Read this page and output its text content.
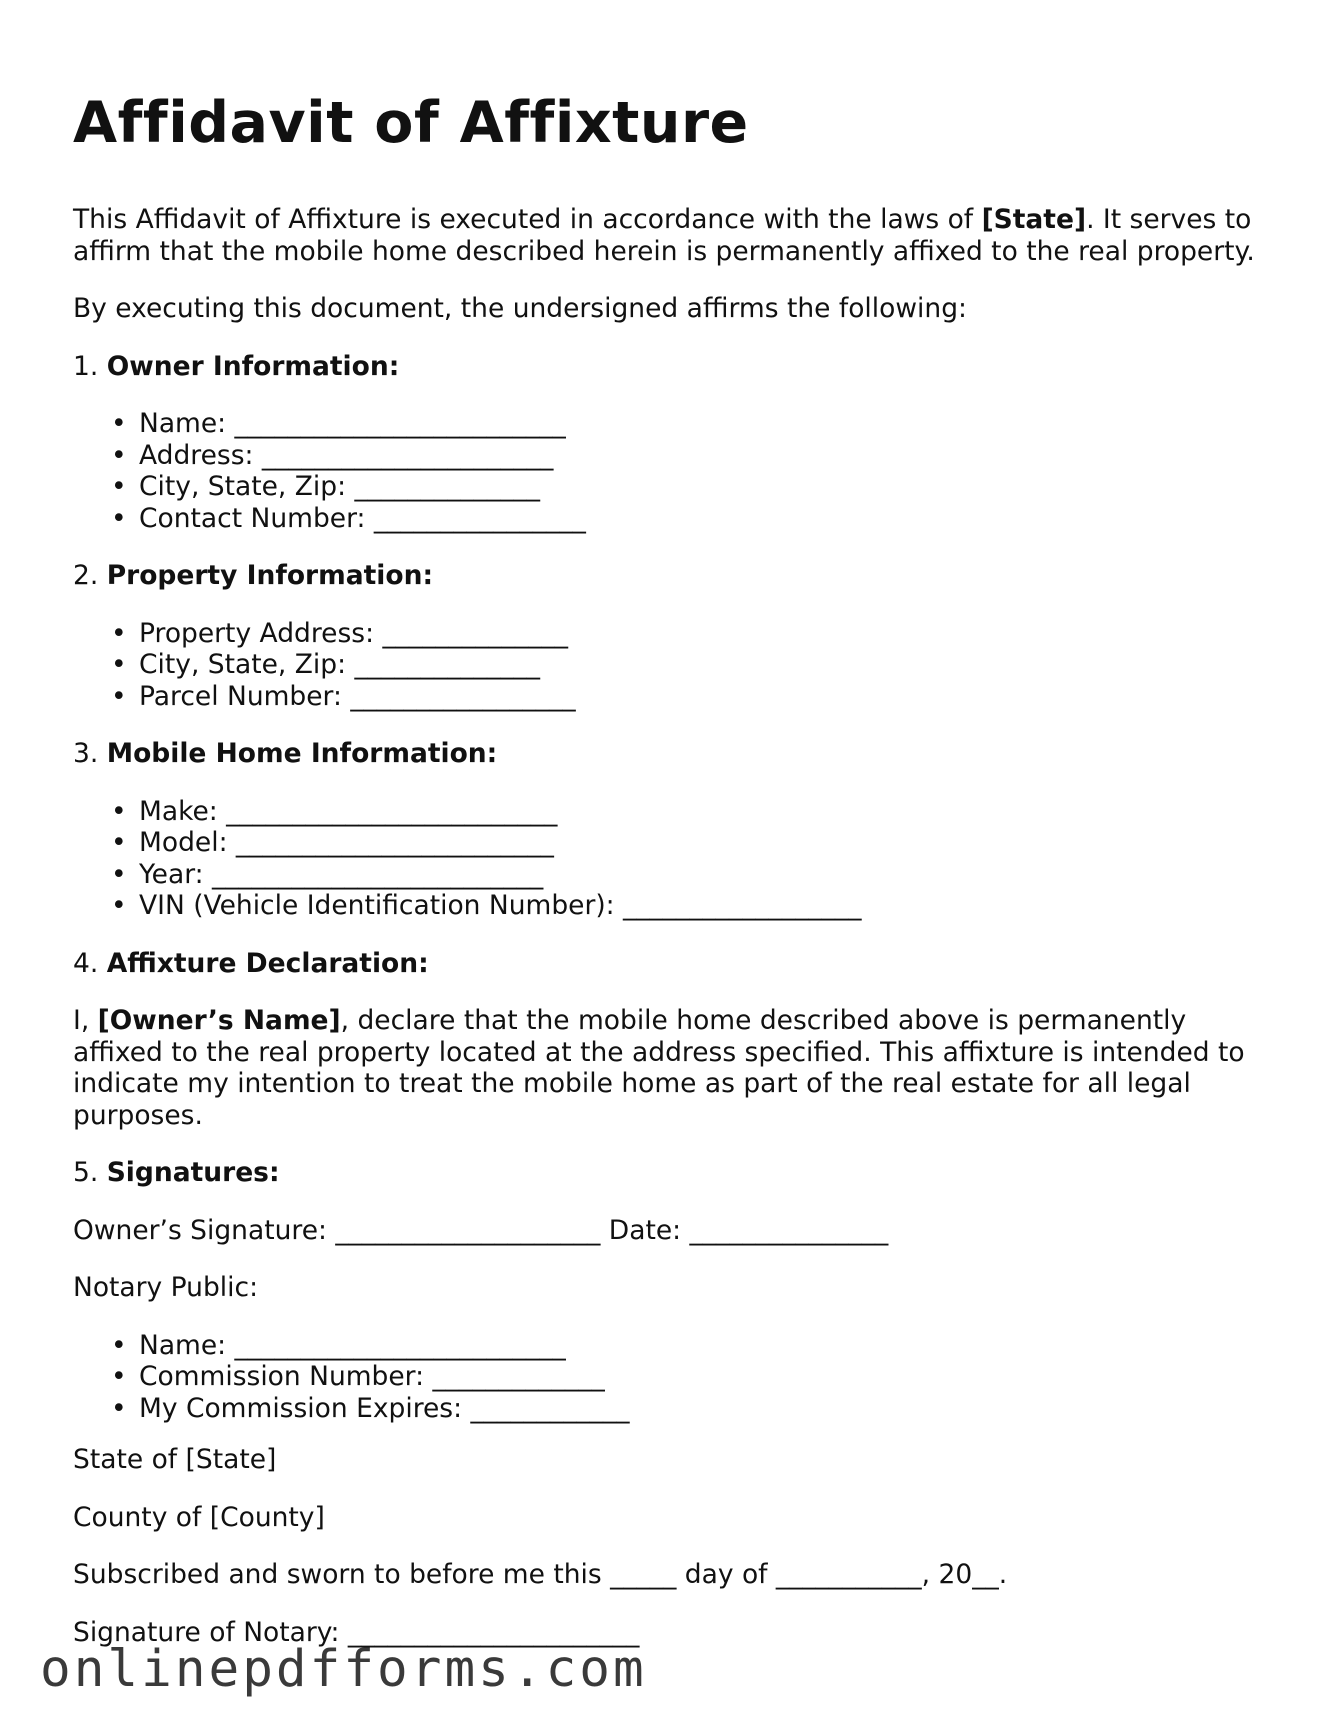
Affidavit of Affixture

This Affidavit of Affixture is executed in accordance with the laws of [State]. It serves to affirm that the mobile home described herein is permanently affixed to the real property.

By executing this document, the undersigned affirms the following:

1. Owner Information:
• Name: _________________________
• Address: ______________________
• City, State, Zip: ______________
• Contact Number: ________________
2. Property Information:
• Property Address: ______________
• City, State, Zip: ______________
• Parcel Number: _________________
3. Mobile Home Information:
• Make: _________________________
• Model: ________________________
• Year: _________________________
• VIN (Vehicle Identification Number): __________________
4. Affixture Declaration:

I, [Owner’s Name], declare that the mobile home described above is permanently affixed to the real property located at the address specified. This affixture is intended to indicate my intention to treat the mobile home as part of the real estate for all legal purposes.

5. Signatures:

Owner’s Signature: ____________________ Date: _______________

Notary Public:

• Name: _________________________
• Commission Number: _____________
• My Commission Expires: ____________

State of [State]

County of [County]

Subscribed and sworn to before me this _____ day of ___________, 20__.

Signature of Notary: ______________________

onlinepdfforms.com
